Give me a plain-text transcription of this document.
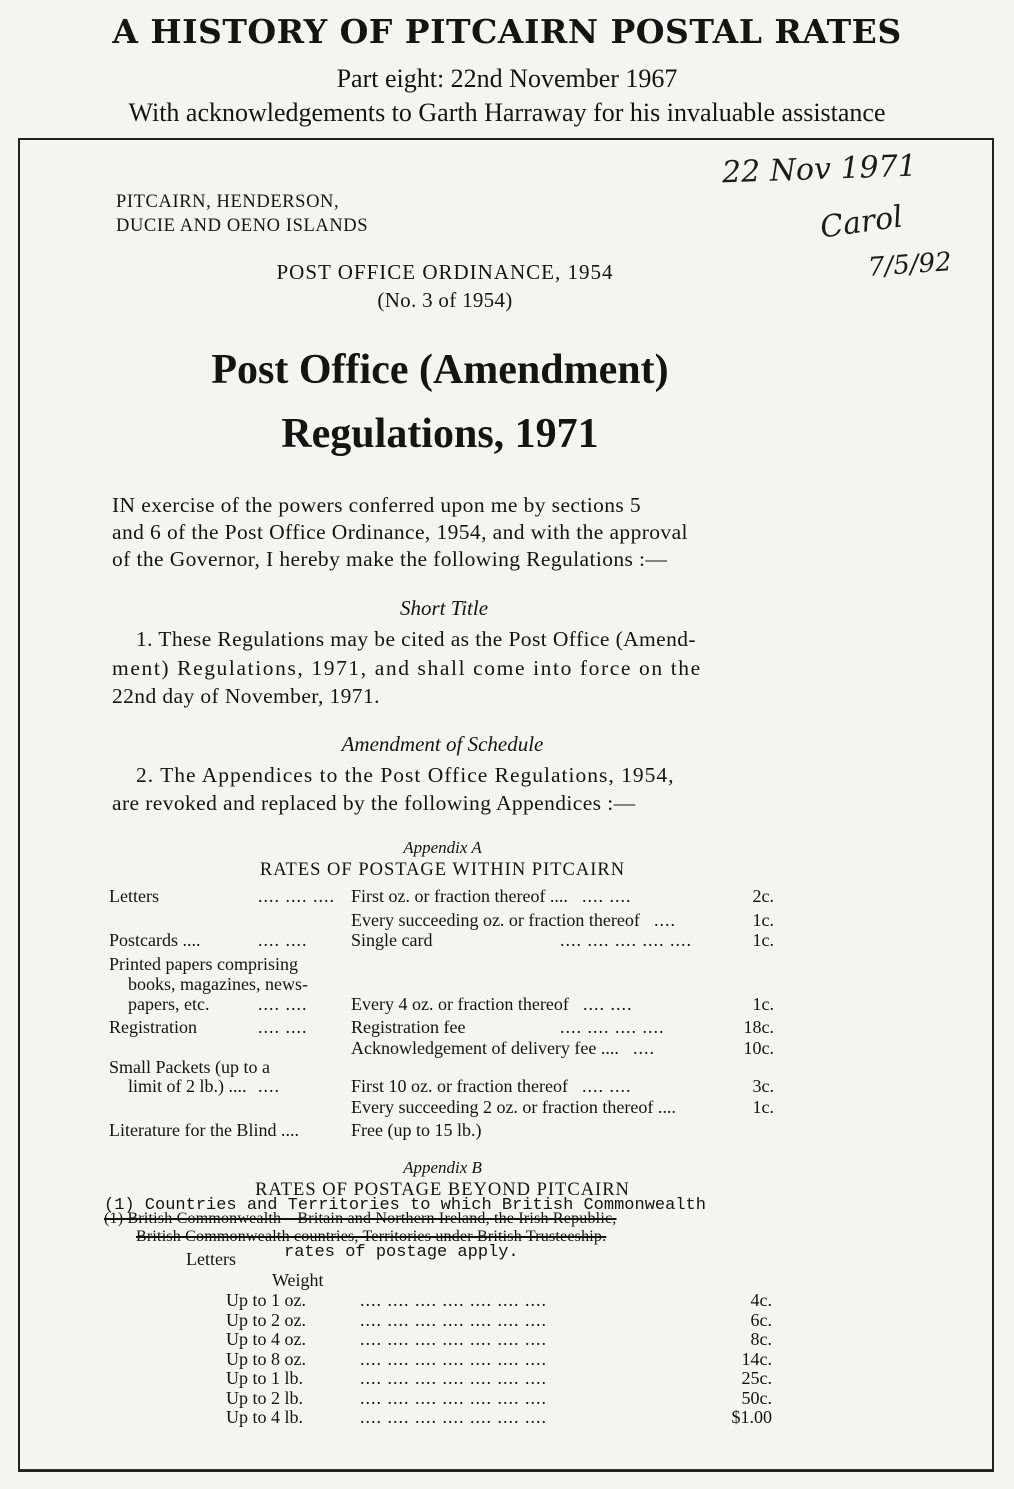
A HISTORY OF PITCAIRN POSTAL RATES
Part eight: 22nd November 1967
With acknowledgements to Garth Harraway for his invaluable assistance
22 Nov 1971
Carol
7/5/92
PITCAIRN, HENDERSON,
DUCIE AND OENO ISLANDS
POST OFFICE ORDINANCE, 1954
(No. 3 of 1954)
Post Office (Amendment)
Regulations, 1971
IN exercise of the powers conferred upon me by sections 5
and 6 of the Post Office Ordinance, 1954, and with the approval
of the Governor, I hereby make the following Regulations :—
Short Title
1. These Regulations may be cited as the Post Office (Amend-
ment) Regulations, 1971, and shall come into force on the
22nd day of November, 1971.
Amendment of Schedule
2. The Appendices to the Post Office Regulations, 1954,
are revoked and replaced by the following Appendices :—
Appendix A
RATES OF POSTAGE WITHIN PITCAIRN
Letters	.... .... .... First oz. or fraction thereof .... .... ....	2c.
Every succeeding oz. or fraction thereof ....	1c.
Postcards ....	.... .... Single card	.... .... .... .... ....	1c.
Printed papers comprising
books, magazines, news-
papers, etc.	.... .... Every 4 oz. or fraction thereof .... ....	1c.
Registration	.... .... Registration fee	.... .... .... ....	18c.
Acknowledgement of delivery fee .... ....	10c.
Small Packets (up to a
limit of 2 lb.) .... ....	First 10 oz. or fraction thereof .... ....	3c.
Every succeeding 2 oz. or fraction thereof ....	1c.
Literature for the Blind ....	Free (up to 15 lb.)
Appendix B
RATES OF POSTAGE BEYOND PITCAIRN
(1) Countries and Territories to which British Commonwealth
(1) British Commonwealth—Britain and Northern Ireland, the Irish Republic,
British Commonwealth countries, Territories under British Trusteeship.
rates of postage apply.
Letters
Weight
Up to 1 oz.	.... .... .... .... .... .... ....	4c.
Up to 2 oz.	.... .... .... .... .... .... ....	6c.
Up to 4 oz.	.... .... .... .... .... .... ....	8c.
Up to 8 oz.	.... .... .... .... .... .... ....	14c.
Up to 1 lb.	.... .... .... .... .... .... ....	25c.
Up to 2 lb.	.... .... .... .... .... .... ....	50c.
Up to 4 lb.	.... .... .... .... .... .... ....	$1.00
